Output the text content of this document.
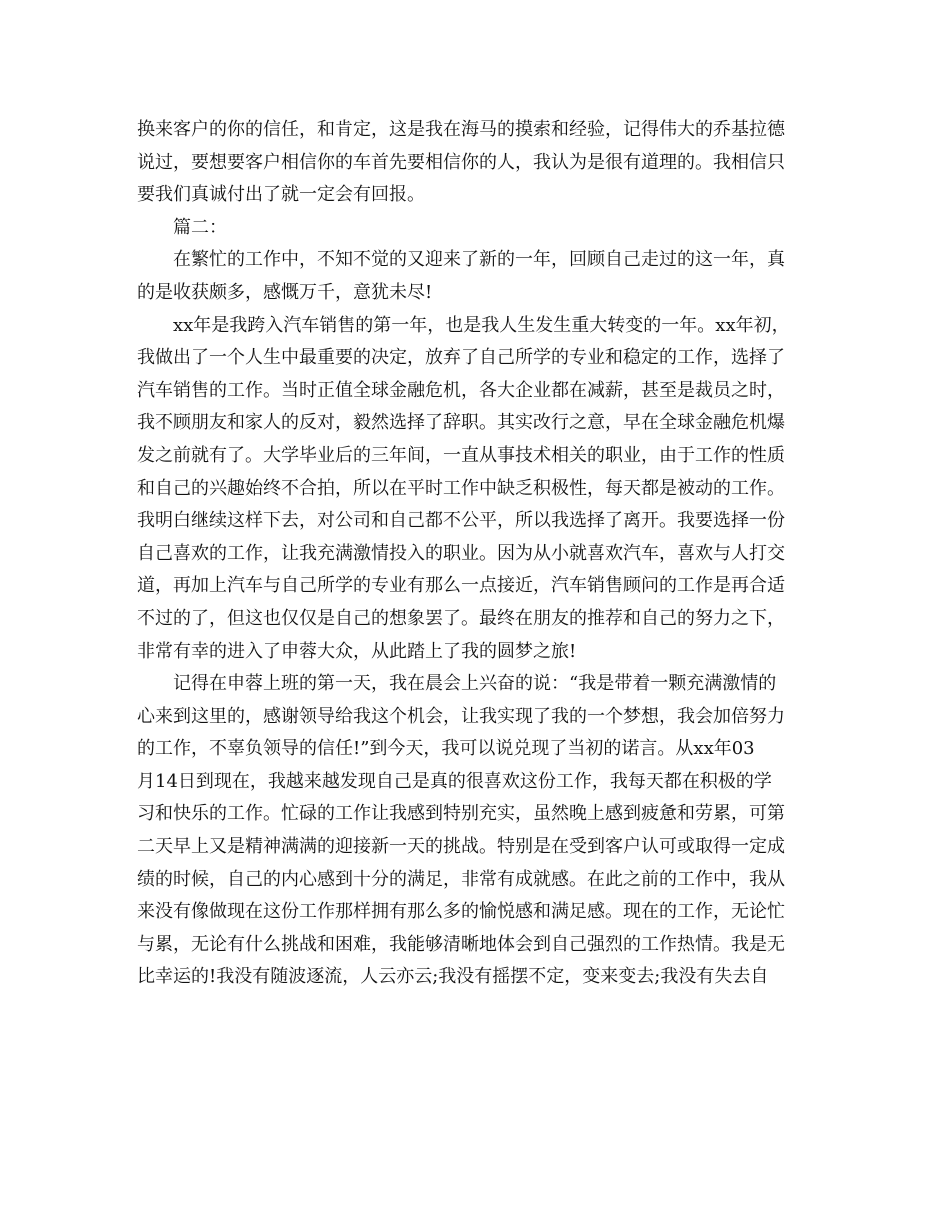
换来客户的你的信任，和肯定，这是我在海马的摸索和经验，记得伟大的乔基拉德
说过，要想要客户相信你的车首先要相信你的人，我认为是很有道理的。我相信只
要我们真诚付出了就一定会有回报。
篇二：
在繁忙的工作中，不知不觉的又迎来了新的一年，回顾自己走过的这一年，真
的是收获颇多，感慨万千，意犹未尽!
xx年是我跨入汽车销售的第一年，也是我人生发生重大转变的一年。xx年初，
我做出了一个人生中最重要的决定，放弃了自己所学的专业和稳定的工作，选择了
汽车销售的工作。当时正值全球金融危机，各大企业都在减薪，甚至是裁员之时，
我不顾朋友和家人的反对，毅然选择了辞职。其实改行之意，早在全球金融危机爆
发之前就有了。大学毕业后的三年间，一直从事技术相关的职业，由于工作的性质
和自己的兴趣始终不合拍，所以在平时工作中缺乏积极性，每天都是被动的工作。
我明白继续这样下去，对公司和自己都不公平，所以我选择了离开。我要选择一份
自己喜欢的工作，让我充满激情投入的职业。因为从小就喜欢汽车，喜欢与人打交
道，再加上汽车与自己所学的专业有那么一点接近，汽车销售顾问的工作是再合适
不过的了，但这也仅仅是自己的想象罢了。最终在朋友的推荐和自己的努力之下，
非常有幸的进入了申蓉大众，从此踏上了我的圆梦之旅!
记得在申蓉上班的第一天，我在晨会上兴奋的说：“我是带着一颗充满激情的
心来到这里的，感谢领导给我这个机会，让我实现了我的一个梦想，我会加倍努力
的工作，不辜负领导的信任!”到今天，我可以说兑现了当初的诺言。从xx年03
月14日到现在，我越来越发现自己是真的很喜欢这份工作，我每天都在积极的学
习和快乐的工作。忙碌的工作让我感到特别充实，虽然晚上感到疲惫和劳累，可第
二天早上又是精神满满的迎接新一天的挑战。特别是在受到客户认可或取得一定成
绩的时候，自己的内心感到十分的满足，非常有成就感。在此之前的工作中，我从
来没有像做现在这份工作那样拥有那么多的愉悦感和满足感。现在的工作，无论忙
与累，无论有什么挑战和困难，我能够清晰地体会到自己强烈的工作热情。我是无
比幸运的!我没有随波逐流，人云亦云;我没有摇摆不定，变来变去;我没有失去自
